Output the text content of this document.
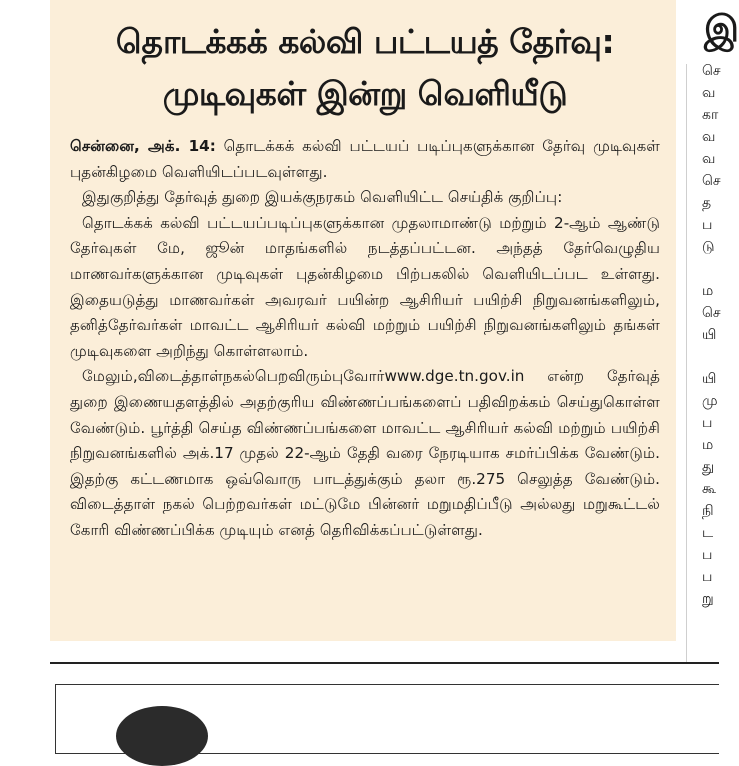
தொடக்கக் கல்வி பட்டயத் தேர்வு:
முடிவுகள் இன்று வெளியீடு

சென்னை, அக். 14: தொடக்கக் கல்வி பட்டயப் படிப்புகளுக்கான தேர்வு முடிவுகள் புதன்கிழமை வெளியிடப்படவுள்ளது.

இதுகுறித்து தேர்வுத் துறை இயக்குநரகம் வெளியிட்ட செய்திக் குறிப்பு:

தொடக்கக் கல்வி பட்டயப்படிப்புகளுக்கான முதலாமாண்டு மற்றும் 2-ஆம் ஆண்டு தேர்வுகள் மே, ஜூன் மாதங்களில் நடத்தப்பட்டன. அந்தத் தேர்வெழுதிய மாணவர்களுக்கான முடிவுகள் புதன்கிழமை பிற்பகலில் வெளியிடப்பட உள்ளது. இதையடுத்து மாணவர்கள் அவரவர் பயின்ற ஆசிரியர் பயிற்சி நிறுவனங்களிலும், தனித்தேர்வர்கள் மாவட்ட ஆசிரியர் கல்வி மற்றும் பயிற்சி நிறுவனங்களிலும் தங்கள் முடிவுகளை அறிந்து கொள்ளலாம்.

மேலும்,விடைத்தாள்நகல்பெறவிரும்புவோர்www.dge.tn.gov.in என்ற தேர்வுத் துறை இணையதளத்தில் அதற்குரிய விண்ணப்பங்களைப் பதிவிறக்கம் செய்துகொள்ள வேண்டும். பூர்த்தி செய்த விண்ணப்பங்களை மாவட்ட ஆசிரியர் கல்வி மற்றும் பயிற்சி நிறுவனங்களில் அக்.17 முதல் 22-ஆம் தேதி வரை நேரடியாக சமர்ப்பிக்க வேண்டும். இதற்கு கட்டணமாக ஒவ்வொரு பாடத்துக்கும் தலா ரூ.275 செலுத்த வேண்டும். விடைத்தாள் நகல் பெற்றவர்கள் மட்டுமே பின்னர் மறுமதிப்பீடு அல்லது மறுகூட்டல் கோரி விண்ணப்பிக்க முடியும் எனத் தெரிவிக்கப்பட்டுள்ளது.

இ
செ
வ
கா
வ
வ
செ
த
ப
டு
ம
செ
யி
யி
மு
ப
ம
து
கூ
நி
ட
ப
ப
று
